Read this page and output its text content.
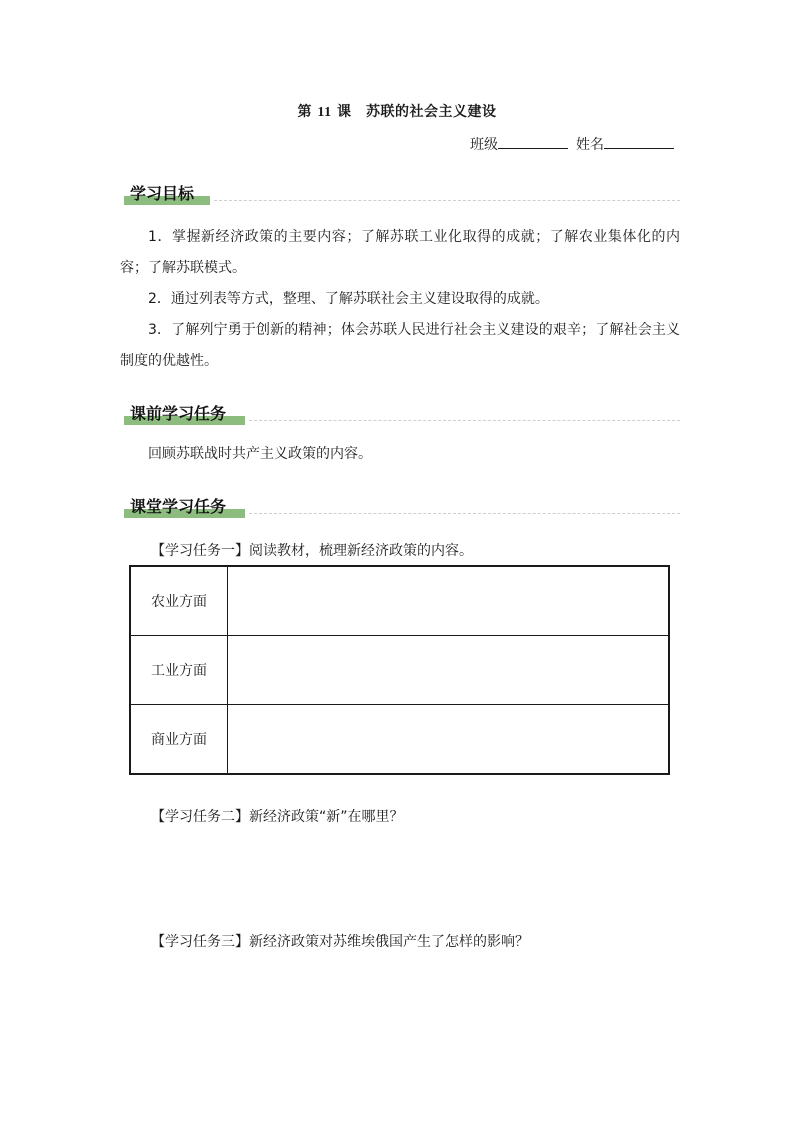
第 11 课　苏联的社会主义建设
班级	姓名
学习目标
1．掌握新经济政策的主要内容；了解苏联工业化取得的成就；了解农业集体化的内容；了解苏联模式。
2．通过列表等方式，整理、了解苏联社会主义建设取得的成就。
3．了解列宁勇于创新的精神；体会苏联人民进行社会主义建设的艰辛；了解社会主义制度的优越性。
课前学习任务
回顾苏联战时共产主义政策的内容。
课堂学习任务
【学习任务一】阅读教材，梳理新经济政策的内容。
农业方面	
工业方面	
商业方面	
【学习任务二】新经济政策“新”在哪里？
【学习任务三】新经济政策对苏维埃俄国产生了怎样的影响？
